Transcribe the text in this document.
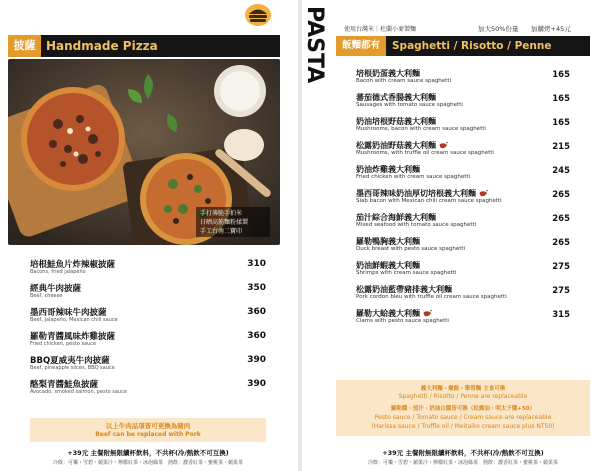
披薩 Handmade Pizza
手打薄脆手拍米
日晒高筋麵粉揉製
手工台南二寶印
培根鮭魚片炸辣椒披薩
Bacons, fried jalapeño
310
經典牛肉披薩
Beef, cheese
350
墨西哥辣味牛肉披薩
Beef, jalapeño, Mexican chili sauce
360
羅勒青醬風味炸雞披薩
Fried chicken, pesto sauce
360
BBQ夏威夷牛肉披薩
Beef, pineapple slices, BBQ sauce
390
酪梨青醬鮭魚披薩
Avocado, smoked salmon, pesto sauce
390
以上牛肉品項皆可更換為豬肉
Beef can be replaced with Pork
+39元 主餐附無限續杯飲料，不共杯(冷/熱飲不可互換)
冷飲：可樂・雪碧・蘋果汁・檸檬紅茶・冰泡綠茶　熱飲：濃香紅茶・蜜桃茶・蘋果茶
PASTA	使用台灣米｜杜蘭小麥製麵	加大50%份量 加購烤+45元
飯麵都有	Spaghetti / Risotto / Penne
培根奶蛋義大利麵
Bacon with cream sauce spaghetti
165
蕃茄德式香腸義大利麵
Sausages with tomato sauce spaghetti
165
奶油培根野菇義大利麵
Mushrooms, bacon with cream sauce spaghetti
165
松露奶油野菇義大利麵
Mushrooms, with truffle oil cream sauce spaghetti
215
奶油炸雞義大利麵
Fried chicken with cream sauce spaghetti
245
墨西哥辣味奶油厚切培根義大利麵
Slab bacon with Mexican chili cream sauce spaghetti
265
茄汁綜合海鮮義大利麵
Mixed seafood with tomato sauce spaghetti
265
羅勒鴨胸義大利麵
Duck breast with pesto sauce spaghetti
265
奶油鮮蝦義大利麵
Shrimps with cream sauce spaghetti
275
松露奶油藍帶豬排義大利麵
Pork cordon bleu with truffle oil cream sauce spaghetti
275
羅勒大蛤義大利麵
Clams with pesto sauce spaghetti
315
義大利麵・燉飯・筆管麵 主食可換
Spaghetti / Risotto / Penne are replaceable
羅勒醬・茄汁・奶油白醬皆可換（松露油・明太子醬+50）
Pesto sauce / Tomato sauce / Cream sauce are replaceable
(Harissa sauce / Truffle oil / Meitaiko cream sauce plus NT50)
+39元 主餐附無限續杯飲料，不共杯(冷/熱飲不可互換)
冷飲：可樂・雪碧・蘋果汁・檸檬紅茶・冰泡綠茶　熱飲：濃香紅茶・蜜桃茶・蘋果茶
